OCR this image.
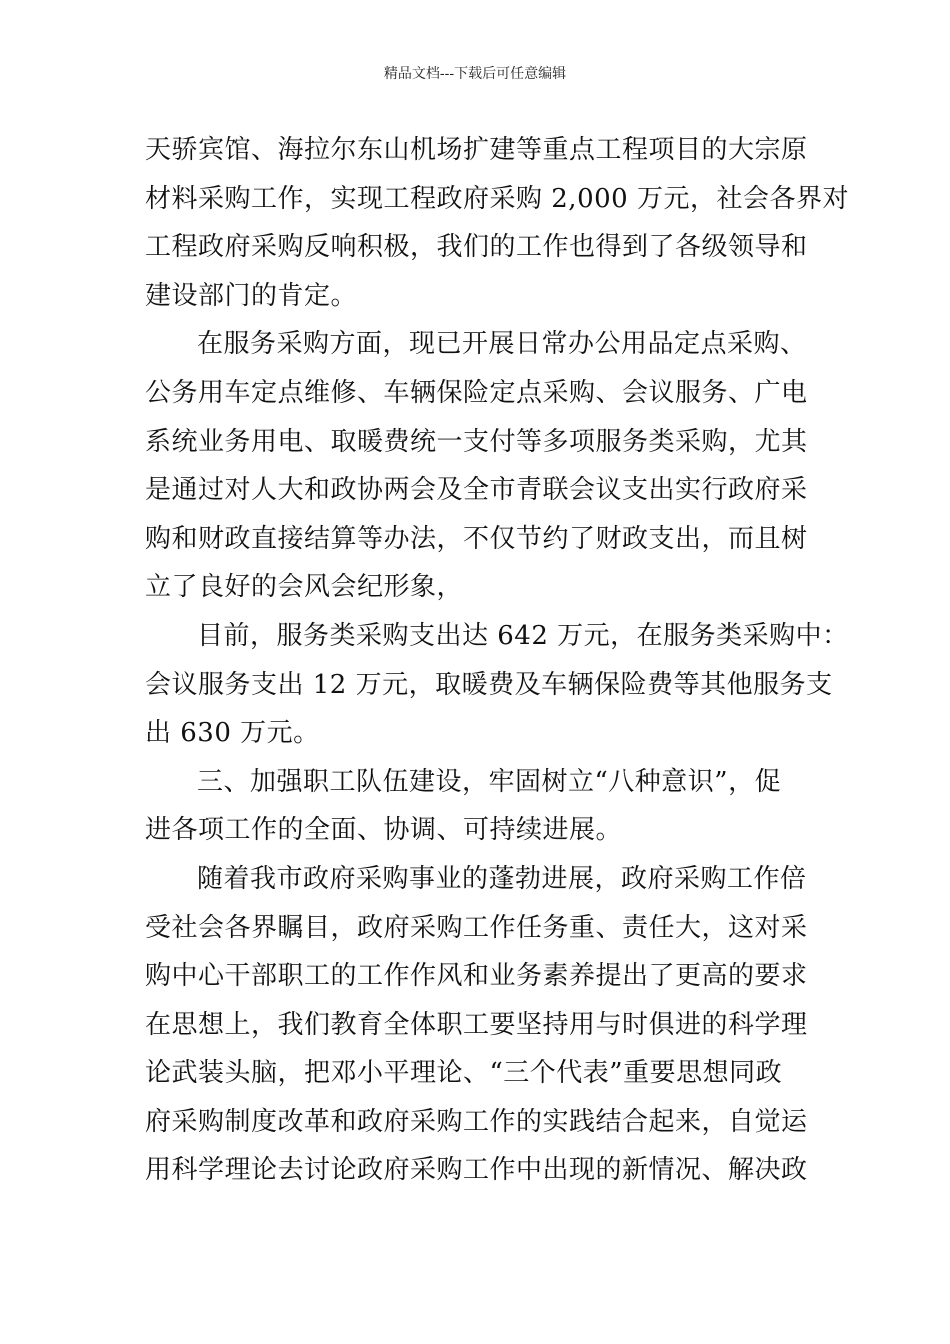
精品文档---下载后可任意编辑
天骄宾馆、海拉尔东山机场扩建等重点工程项目的大宗原
材料采购工作，实现工程政府采购 2,000 万元，社会各界对
工程政府采购反响积极，我们的工作也得到了各级领导和
建设部门的肯定。
在服务采购方面，现已开展日常办公用品定点采购、
公务用车定点维修、车辆保险定点采购、会议服务、广电
系统业务用电、取暖费统一支付等多项服务类采购，尤其
是通过对人大和政协两会及全市青联会议支出实行政府采
购和财政直接结算等办法，不仅节约了财政支出，而且树
立了良好的会风会纪形象，
目前，服务类采购支出达 642 万元，在服务类采购中：
会议服务支出 12 万元，取暖费及车辆保险费等其他服务支
出 630 万元。
三、加强职工队伍建设，牢固树立“八种意识”，促
进各项工作的全面、协调、可持续进展。
随着我市政府采购事业的蓬勃进展，政府采购工作倍
受社会各界瞩目，政府采购工作任务重、责任大，这对采
购中心干部职工的工作作风和业务素养提出了更高的要求
在思想上，我们教育全体职工要坚持用与时俱进的科学理
论武装头脑，把邓小平理论、“三个代表”重要思想同政
府采购制度改革和政府采购工作的实践结合起来，自觉运
用科学理论去讨论政府采购工作中出现的新情况、解决政
